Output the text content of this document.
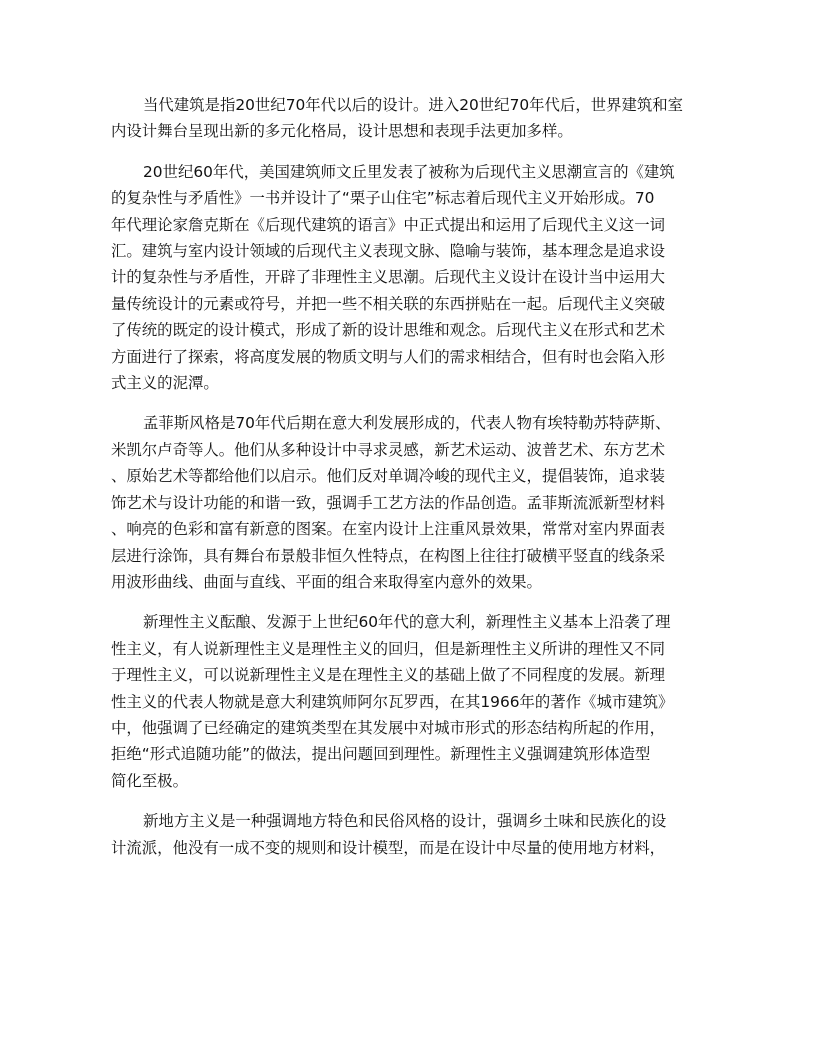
当代建筑是指20世纪70年代以后的设计。进入20世纪70年代后，世界建筑和室
内设计舞台呈现出新的多元化格局，设计思想和表现手法更加多样。

20世纪60年代，美国建筑师文丘里发表了被称为后现代主义思潮宣言的《建筑
的复杂性与矛盾性》一书并设计了“栗子山住宅”标志着后现代主义开始形成。70
年代理论家詹克斯在《后现代建筑的语言》中正式提出和运用了后现代主义这一词
汇。建筑与室内设计领域的后现代主义表现文脉、隐喻与装饰，基本理念是追求设
计的复杂性与矛盾性，开辟了非理性主义思潮。后现代主义设计在设计当中运用大
量传统设计的元素或符号，并把一些不相关联的东西拼贴在一起。后现代主义突破
了传统的既定的设计模式，形成了新的设计思维和观念。后现代主义在形式和艺术
方面进行了探索，将高度发展的物质文明与人们的需求相结合，但有时也会陷入形
式主义的泥潭。

孟菲斯风格是70年代后期在意大利发展形成的，代表人物有埃特勒苏特萨斯、
米凯尔卢奇等人。他们从多种设计中寻求灵感，新艺术运动、波普艺术、东方艺术
、原始艺术等都给他们以启示。他们反对单调冷峻的现代主义，提倡装饰，追求装
饰艺术与设计功能的和谐一致，强调手工艺方法的作品创造。孟菲斯流派新型材料
、响亮的色彩和富有新意的图案。在室内设计上注重风景效果，常常对室内界面表
层进行涂饰，具有舞台布景般非恒久性特点，在构图上往往打破横平竖直的线条采
用波形曲线、曲面与直线、平面的组合来取得室内意外的效果。

新理性主义酝酿、发源于上世纪60年代的意大利，新理性主义基本上沿袭了理
性主义，有人说新理性主义是理性主义的回归，但是新理性主义所讲的理性又不同
于理性主义，可以说新理性主义是在理性主义的基础上做了不同程度的发展。新理
性主义的代表人物就是意大利建筑师阿尔瓦罗西，在其1966年的著作《城市建筑》
中，他强调了已经确定的建筑类型在其发展中对城市形式的形态结构所起的作用，
拒绝“形式追随功能”的做法，提出问题回到理性。新理性主义强调建筑形体造型
简化至极。

新地方主义是一种强调地方特色和民俗风格的设计，强调乡土味和民族化的设
计流派，他没有一成不变的规则和设计模型，而是在设计中尽量的使用地方材料，
